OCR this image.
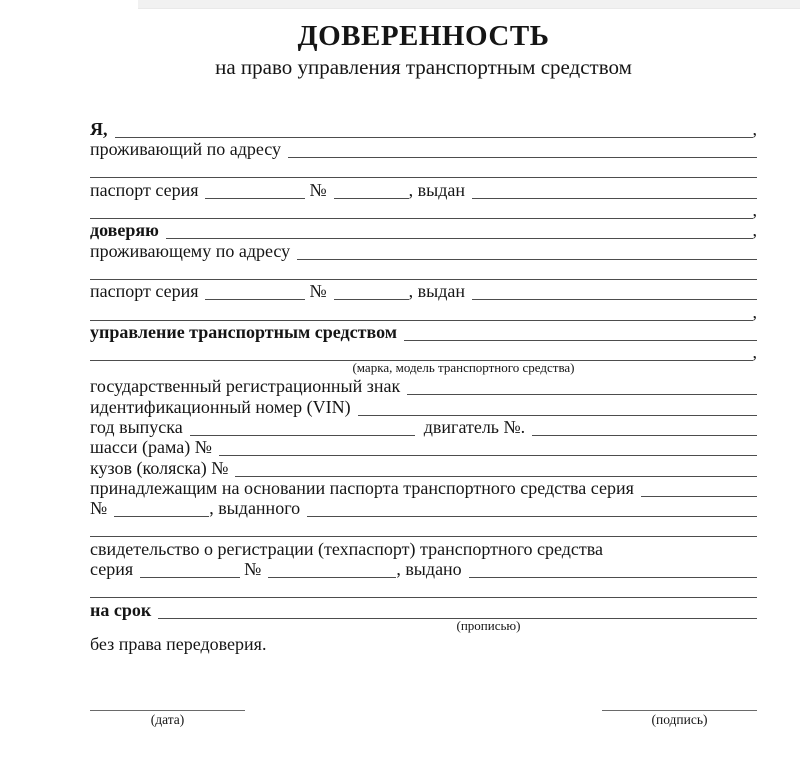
ДОВЕРЕННОСТЬ
на право управления транспортным средством
Я,	,
проживающий по адресу
паспорт серия	№	, выдан
,
доверяю	,
проживающему по адресу
паспорт серия	№	, выдан
,
управление транспортным средством
,
(марка, модель транспортного средства)
государственный регистрационный знак
идентификационный номер (VIN)
год выпуска	двигатель №.
шасси (рама) №
кузов (коляска) №
принадлежащим на основании паспорта транспортного средства серия
№	, выданного
свидетельство о регистрации (техпаспорт) транспортного средства
серия	№	, выдано
на срок
(прописью)
без права передоверия.
(дата)	(подпись)
